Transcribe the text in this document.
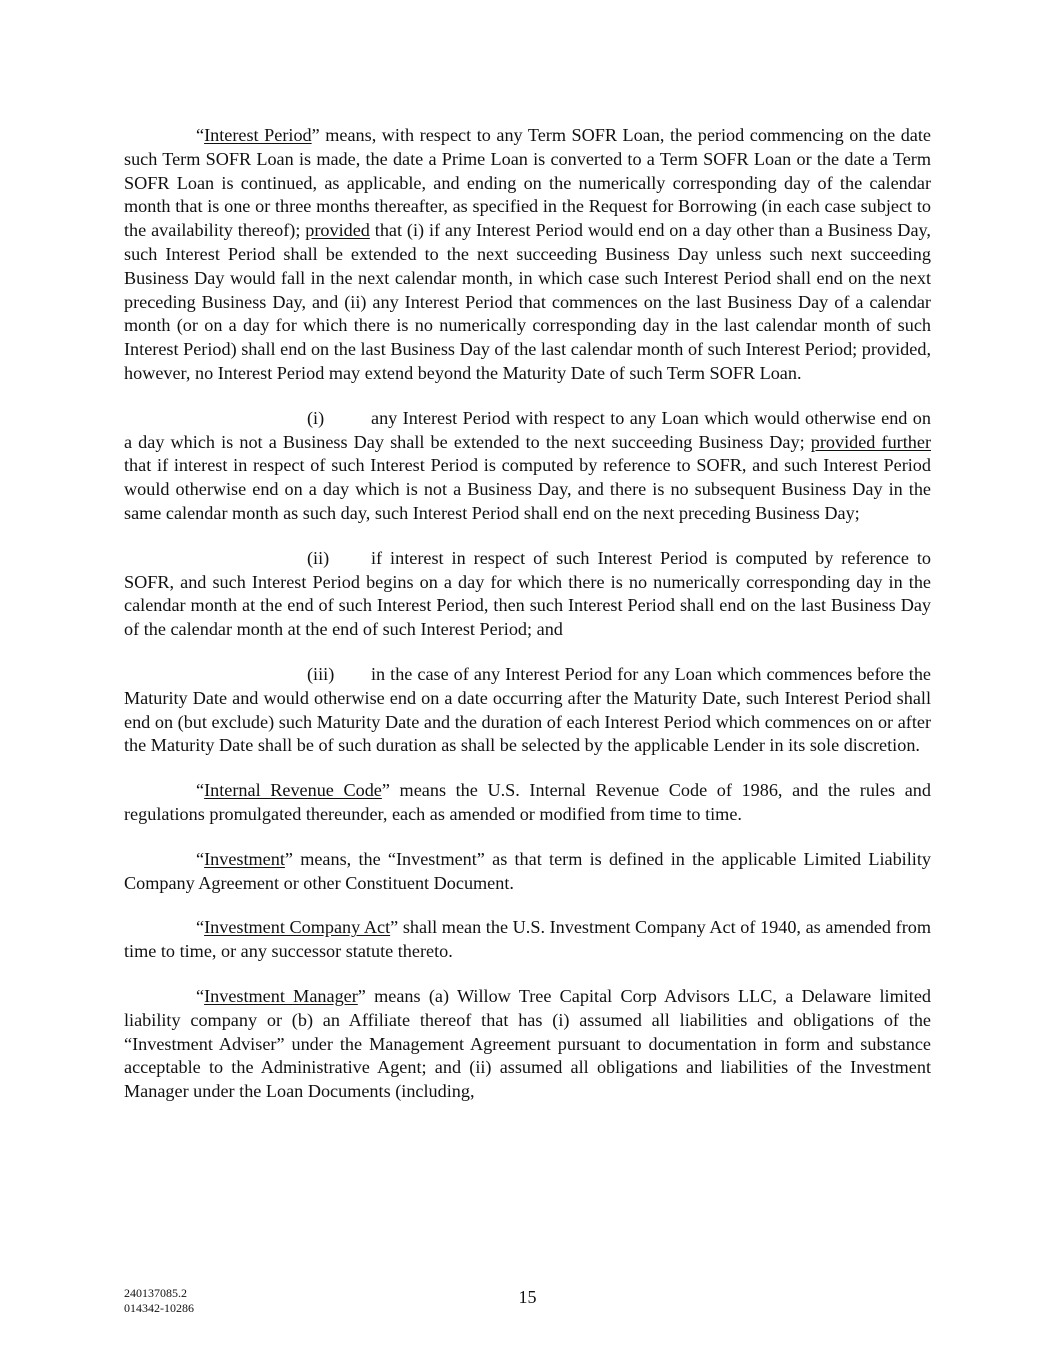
“Interest Period” means, with respect to any Term SOFR Loan, the period commencing on the date such Term SOFR Loan is made, the date a Prime Loan is converted to a Term SOFR Loan or the date a Term SOFR Loan is continued, as applicable, and ending on the numerically corresponding day of the calendar month that is one or three months thereafter, as specified in the Request for Borrowing (in each case subject to the availability thereof); provided that (i) if any Interest Period would end on a day other than a Business Day, such Interest Period shall be extended to the next succeeding Business Day unless such next succeeding Business Day would fall in the next calendar month, in which case such Interest Period shall end on the next preceding Business Day, and (ii) any Interest Period that commences on the last Business Day of a calendar month (or on a day for which there is no numerically corresponding day in the last calendar month of such Interest Period) shall end on the last Business Day of the last calendar month of such Interest Period; provided, however, no Interest Period may extend beyond the Maturity Date of such Term SOFR Loan.

(i)	any Interest Period with respect to any Loan which would otherwise end on a day which is not a Business Day shall be extended to the next succeeding Business Day; provided further that if interest in respect of such Interest Period is computed by reference to SOFR, and such Interest Period would otherwise end on a day which is not a Business Day, and there is no subsequent Business Day in the same calendar month as such day, such Interest Period shall end on the next preceding Business Day;

(ii) if interest in respect of such Interest Period is computed by reference to SOFR, and such Interest Period begins on a day for which there is no numerically corresponding day in the calendar month at the end of such Interest Period, then such Interest Period shall end on the last Business Day of the calendar month at the end of such Interest Period; and

(iii) in the case of any Interest Period for any Loan which commences before the Maturity Date and would otherwise end on a date occurring after the Maturity Date, such Interest Period shall end on (but exclude) such Maturity Date and the duration of each Interest Period which commences on or after the Maturity Date shall be of such duration as shall be selected by the applicable Lender in its sole discretion.

“Internal Revenue Code” means the U.S. Internal Revenue Code of 1986, and the rules and regulations promulgated thereunder, each as amended or modified from time to time.

“Investment” means, the “Investment” as that term is defined in the applicable Limited Liability Company Agreement or other Constituent Document.

“Investment Company Act” shall mean the U.S. Investment Company Act of 1940, as amended from time to time, or any successor statute thereto.

“Investment Manager” means (a) Willow Tree Capital Corp Advisors LLC, a Delaware limited liability company or (b) an Affiliate thereof that has (i) assumed all liabilities and obligations of the “Investment Adviser” under the Management Agreement pursuant to documentation in form and substance acceptable to the Administrative Agent; and (ii) assumed all obligations and liabilities of the Investment Manager under the Loan Documents (including,

240137085.2
014342-10286
15
